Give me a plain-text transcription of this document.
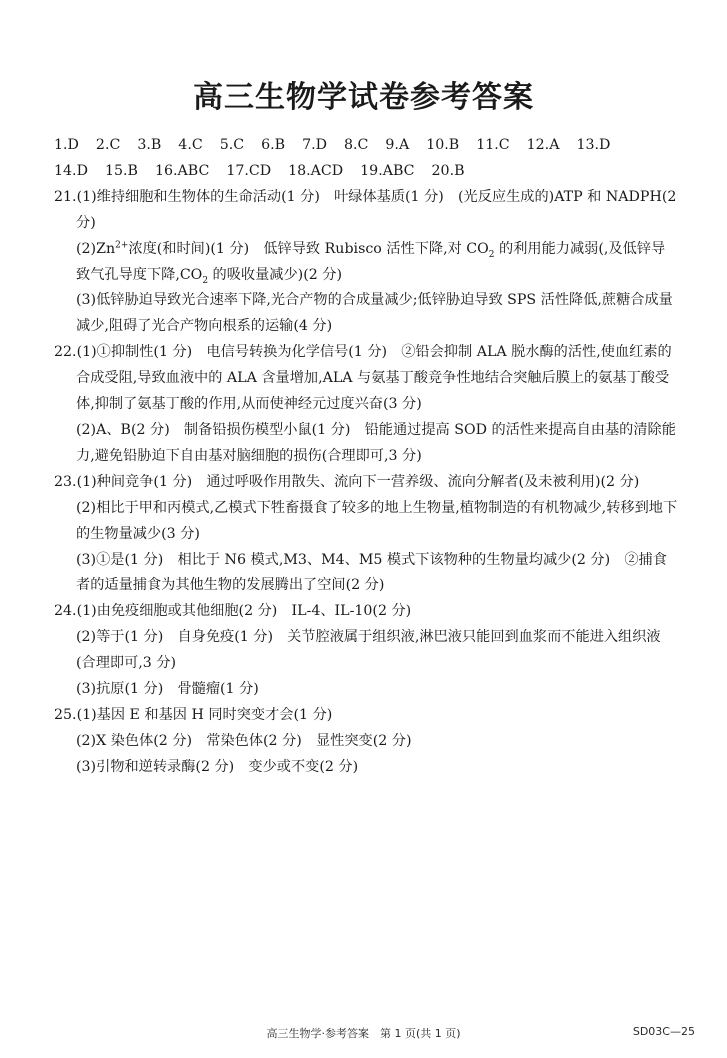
高三生物学试卷参考答案
1.D 2.C 3.B 4.C 5.C 6.B 7.D 8.C 9.A 10.B 11.C 12.A 13.D
14.D 15.B 16.ABC 17.CD 18.ACD 19.ABC 20.B
21.(1)维持细胞和生物体的生命活动(1 分)　叶绿体基质(1 分)　(光反应生成的)ATP 和 NADPH(2 分)
$(2)Zn^{2+}$浓度(和时间)(1 分)　低锌导致 Rubisco 活性下降,对 $CO_2$ 的利用能力减弱(,及低锌导致气孔导度下降$,CO_2$ 的吸收量减少)(2 分)
(3)低锌胁迫导致光合速率下降,光合产物的合成量减少;低锌胁迫导致 SPS 活性降低,蔗糖合成量减少,阻碍了光合产物向根系的运输(4 分)
22.(1)①抑制性(1 分)　电信号转换为化学信号(1 分)　②铅会抑制 ALA 脱水酶的活性,使血红素的合成受阻,导致血液中的 ALA 含量增加,ALA 与氨基丁酸竞争性地结合突触后膜上的氨基丁酸受体,抑制了氨基丁酸的作用,从而使神经元过度兴奋(3 分)
(2)A、B(2 分)　制备铅损伤模型小鼠(1 分)　铅能通过提高 SOD 的活性来提高自由基的清除能力,避免铅胁迫下自由基对脑细胞的损伤(合理即可,3 分)
23.(1)种间竞争(1 分)　通过呼吸作用散失、流向下一营养级、流向分解者(及未被利用)(2 分)
(2)相比于甲和丙模式,乙模式下牲畜摄食了较多的地上生物量,植物制造的有机物减少,转移到地下的生物量减少(3 分)
(3)①是(1 分)　相比于 N6 模式,M3、M4、M5 模式下该物种的生物量均减少(2 分)　②捕食者的适量捕食为其他生物的发展腾出了空间(2 分)
24.(1)由免疫细胞或其他细胞(2 分)　IL-4、IL-10(2 分)
(2)等于(1 分)　自身免疫(1 分)　关节腔液属于组织液,淋巴液只能回到血浆而不能进入组织液(合理即可,3 分)
(3)抗原(1 分)　骨髓瘤(1 分)
25.(1)基因 E 和基因 H 同时突变才会(1 分)
(2)X 染色体(2 分)　常染色体(2 分)　显性突变(2 分)
(3)引物和逆转录酶(2 分)　变少或不变(2 分)
高三生物学·参考答案　第 1 页(共 1 页)	SD03C—25
